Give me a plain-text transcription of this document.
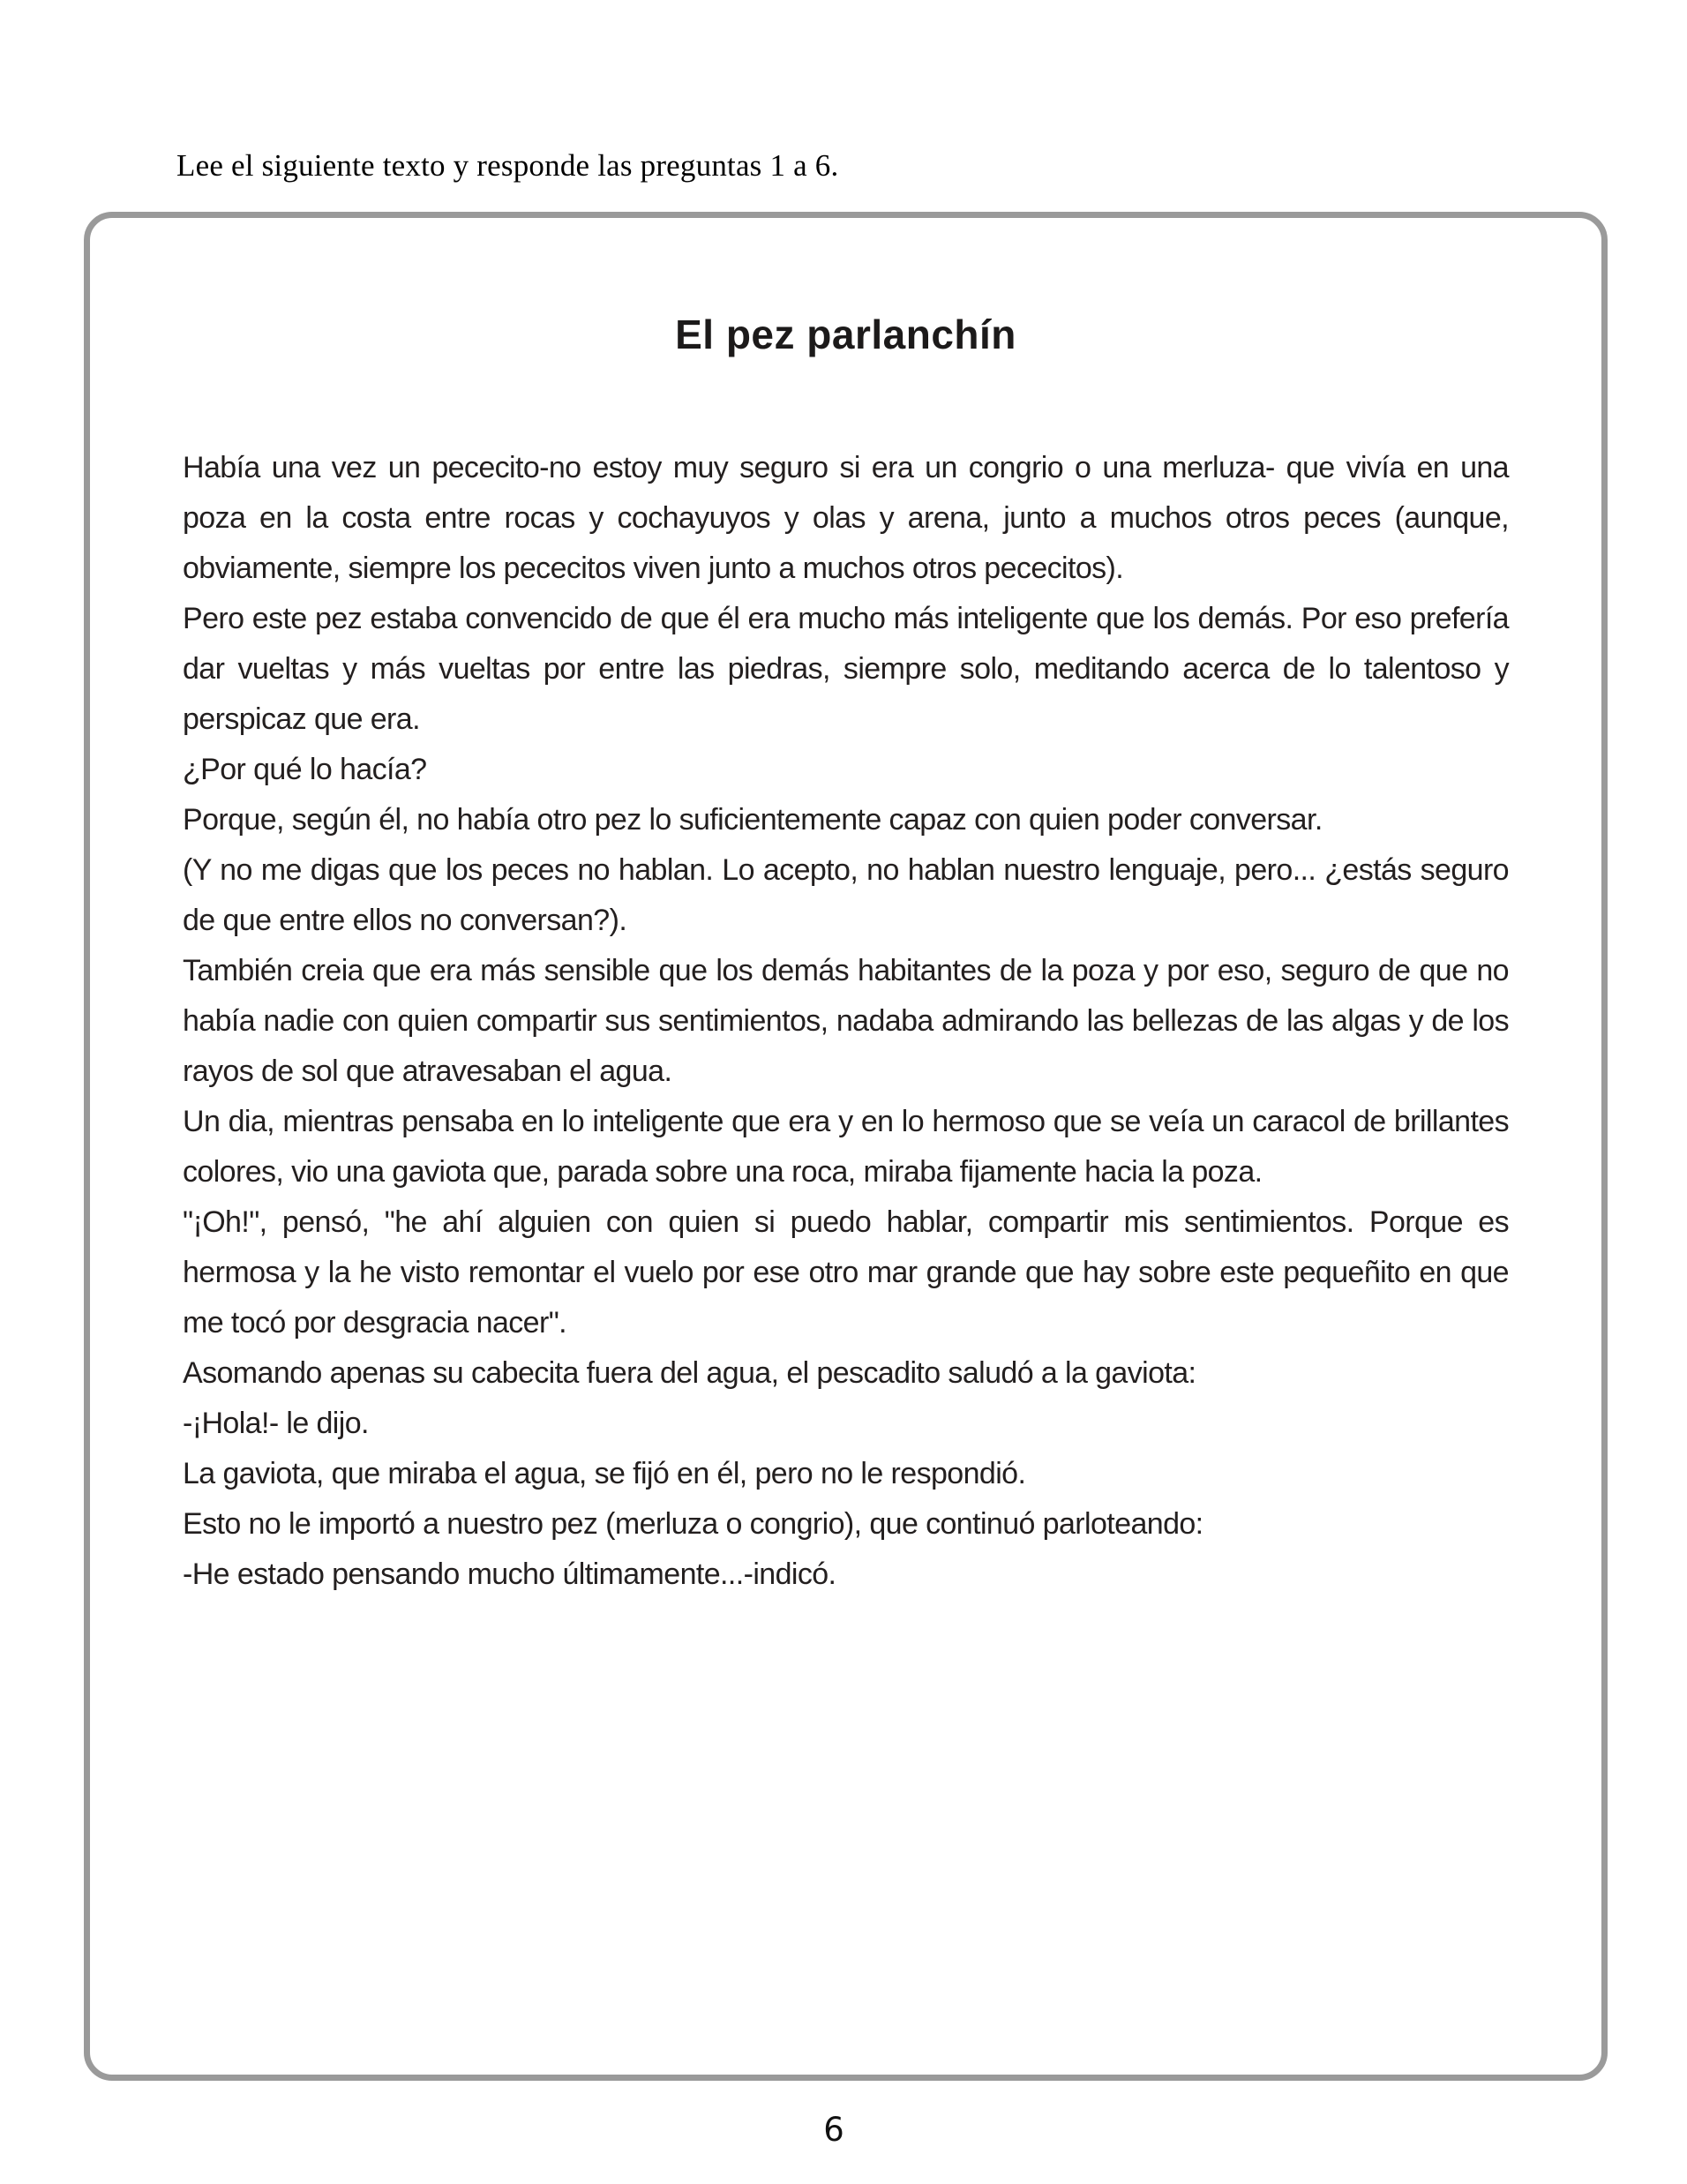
Lee el siguiente texto y responde las preguntas 1 a 6.
El pez parlanchín

Había una vez un pececito-no estoy muy seguro si era un congrio o una merluza- que vivía en una poza en la costa entre rocas y cochayuyos y olas y arena, junto a muchos otros peces (aunque, obviamente, siempre los pececitos viven junto a muchos otros pececitos).

Pero este pez estaba convencido de que él era mucho más inteligente que los demás. Por eso prefería dar vueltas y más vueltas por entre las piedras, siempre solo, meditando acerca de lo talentoso y perspicaz que era.

¿Por qué lo hacía?

Porque, según él, no había otro pez lo suficientemente capaz con quien poder conversar.

(Y no me digas que los peces no hablan. Lo acepto, no hablan nuestro lenguaje, pero... ¿estás seguro de que entre ellos no conversan?).

También creia que era más sensible que los demás habitantes de la poza y por eso, seguro de que no había nadie con quien compartir sus sentimientos, nadaba admirando las bellezas de las algas y de los rayos de sol que atravesaban el agua.

Un dia, mientras pensaba en lo inteligente que era y en lo hermoso que se veía un caracol de brillantes colores, vio una gaviota que, parada sobre una roca, miraba fijamente hacia la poza.

"¡Oh!", pensó, "he ahí alguien con quien si puedo hablar, compartir mis sentimientos. Porque es hermosa y la he visto remontar el vuelo por ese otro mar grande que hay sobre este pequeñito en que me tocó por desgracia nacer".

Asomando apenas su cabecita fuera del agua, el pescadito saludó a la gaviota:

-¡Hola!- le dijo.

La gaviota, que miraba el agua, se fijó en él, pero no le respondió.

Esto no le importó a nuestro pez (merluza o congrio), que continuó parloteando:

-He estado pensando mucho últimamente...-indicó.

6
